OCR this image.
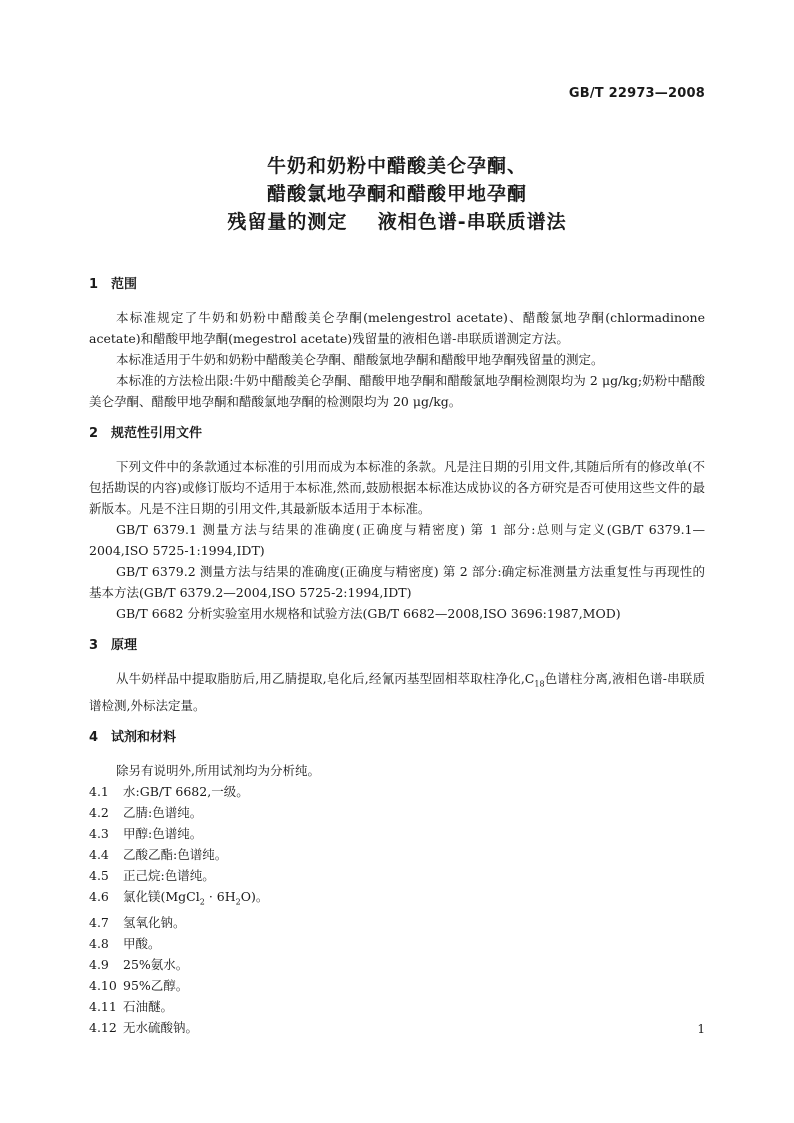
GB/T 22973—2008
牛奶和奶粉中醋酸美仑孕酮、
醋酸氯地孕酮和醋酸甲地孕酮
残留量的测定    液相色谱-串联质谱法
1 范围

本标准规定了牛奶和奶粉中醋酸美仑孕酮(melengestrol acetate)、醋酸氯地孕酮(chlormadinone acetate)和醋酸甲地孕酮(megestrol acetate)残留量的液相色谱-串联质谱测定方法。

本标准适用于牛奶和奶粉中醋酸美仑孕酮、醋酸氯地孕酮和醋酸甲地孕酮残留量的测定。

本标准的方法检出限:牛奶中醋酸美仑孕酮、醋酸甲地孕酮和醋酸氯地孕酮检测限均为 2 μg/kg;奶粉中醋酸美仑孕酮、醋酸甲地孕酮和醋酸氯地孕酮的检测限均为 20 μg/kg。

2 规范性引用文件

下列文件中的条款通过本标准的引用而成为本标准的条款。凡是注日期的引用文件,其随后所有的修改单(不包括勘误的内容)或修订版均不适用于本标准,然而,鼓励根据本标准达成协议的各方研究是否可使用这些文件的最新版本。凡是不注日期的引用文件,其最新版本适用于本标准。

GB/T 6379.1 测量方法与结果的准确度(正确度与精密度) 第 1 部分:总则与定义(GB/T 6379.1—2004,ISO 5725-1:1994,IDT)

GB/T 6379.2 测量方法与结果的准确度(正确度与精密度) 第 2 部分:确定标准测量方法重复性与再现性的基本方法(GB/T 6379.2—2004,ISO 5725-2:1994,IDT)

GB/T 6682 分析实验室用水规格和试验方法(GB/T 6682—2008,ISO 3696:1987,MOD)

3 原理

从牛奶样品中提取脂肪后,用乙腈提取,皂化后,经氰丙基型固相萃取柱净化$,C_{18}$色谱柱分离,液相色谱-串联质谱检测,外标法定量。

4 试剂和材料

除另有说明外,所用试剂均为分析纯。

4.1 水:GB/T 6682,一级。

4.2 乙腈:色谱纯。

4.3 甲醇:色谱纯。

4.4 乙酸乙酯:色谱纯。

4.5 正己烷:色谱纯。

4.6 氯化镁(MgCl$_2$ · $6H_2O$)。

4.7 氢氧化钠。

4.8 甲酸。

4.9 25%氨水。

4.10 95%乙醇。

4.11 石油醚。

4.12 无水硫酸钠。	1
